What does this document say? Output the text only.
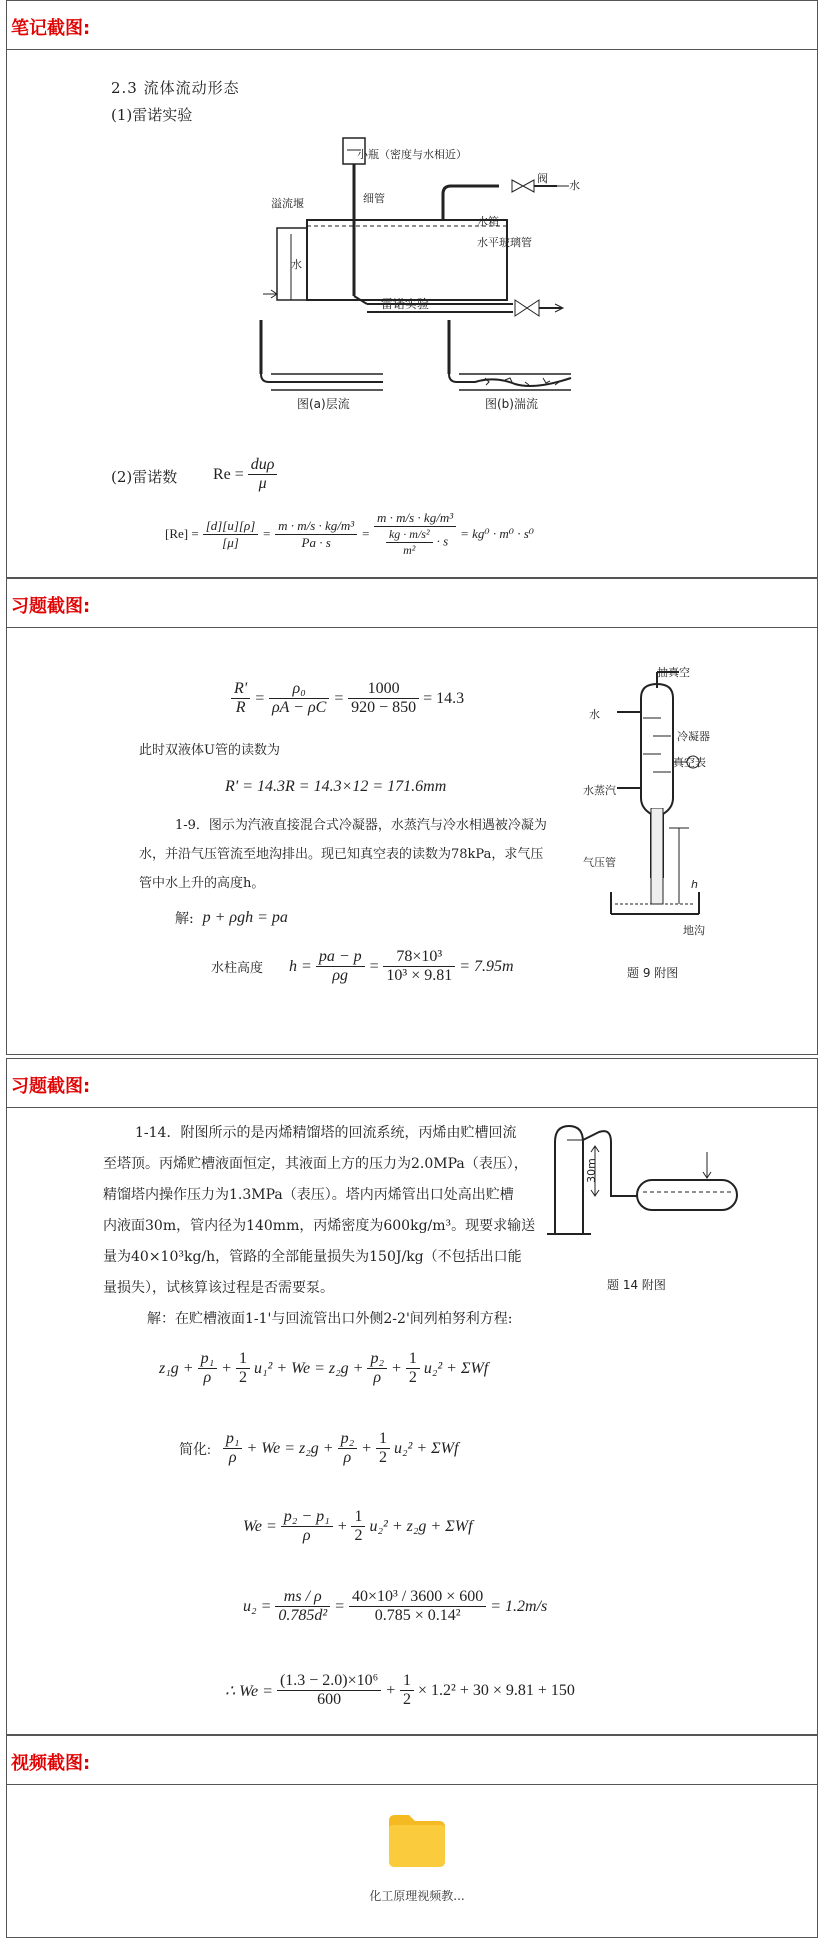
笔记截图:
2.3 流体流动形态
(1)雷诺实验
小瓶（密度与水相近）
阀
水
细管
溢流堰
水箱
水平玻璃管
水
雷诺实验
图(a)层流	图(b)湍流
(2)雷诺数 $Re = \frac{\text{duρ}}{\mu}$
$[Re] = \frac{[d][u][\rho]}{[\mu]} = \frac{\text{m · m/s · kg/m³}}{Pa \cdot s} = \frac{\text{m · m/s · kg/m³}}{\frac{\text{kg · m/s²}}{\text{m²}} \cdot s} = kg^0 \cdot m^0 \cdot s^0$
习题截图:
$\frac{R'}{R} = \frac{\text{ρ₀}}{\rho A - \rho C} = \frac{1000}{920 - 850} = 14.3$
此时双液体U管的读数为
R' = 14.3R = 14.3×12 = 171.6mm
1-9．图示为汽液直接混合式冷凝器，水蒸汽与冷水相遇被冷凝为
水，并沿气压管流至地沟排出。现已知真空表的读数为78kPa，求气压
管中水上升的高度h。
解:
p + ρgh = pa
水柱高度 $h = \frac{pa - p}{\rho g} = \frac{\text{78×10³}}{\text{10³ × 9.81}} = 7.95m$
抽真空
水
冷凝器
真空表
水蒸汽
气压管
h
地沟
题 9 附图
习题截图:
1-14．附图所示的是丙烯精馏塔的回流系统，丙烯由贮槽回流
至塔顶。丙烯贮槽液面恒定，其液面上方的压力为2.0MPa（表压），
精馏塔内操作压力为1.3MPa（表压）。塔内丙烯管出口处高出贮槽
内液面30m，管内径为140mm，丙烯密度为600kg/m³。现要求输送
量为40×10³kg/h，管路的全部能量损失为150J/kg（不包括出口能
量损失），试核算该过程是否需要泵。
解：在贮槽液面1-1'与回流管出口外侧2-2'间列柏努利方程:
30m
题 14 附图
$z_1g + \frac{\text{p₁}}{\rho} + \frac{1}{2} u_1^2 + We = z_2g + \frac{\text{p₂}}{\rho} + \frac{1}{2} u_2^2 + \Sigma Wf$
简化: $\frac{\text{p₁}}{\rho} + We = z_2g + \frac{\text{p₂}}{\rho} + \frac{1}{2} u_2^2 + \Sigma Wf$
$We = \frac{\text{p₂ − p₁}}{\rho} + \frac{1}{2} u_2^2 + z_2g + \Sigma Wf$
$u_2 = \frac{ms / \rho}{\text{0.785d²}} = \frac{\text{40×10³ / 3600 × 600}}{\text{0.785 × 0.14²}} = 1.2m/s$
∴ $We = \frac{\text{(1.3 − 2.0)×10⁶}}{600} + \frac{1}{2} \times 1.2^2 + 30 \times 9.81 + 150$
视频截图:
化工原理视频教...
